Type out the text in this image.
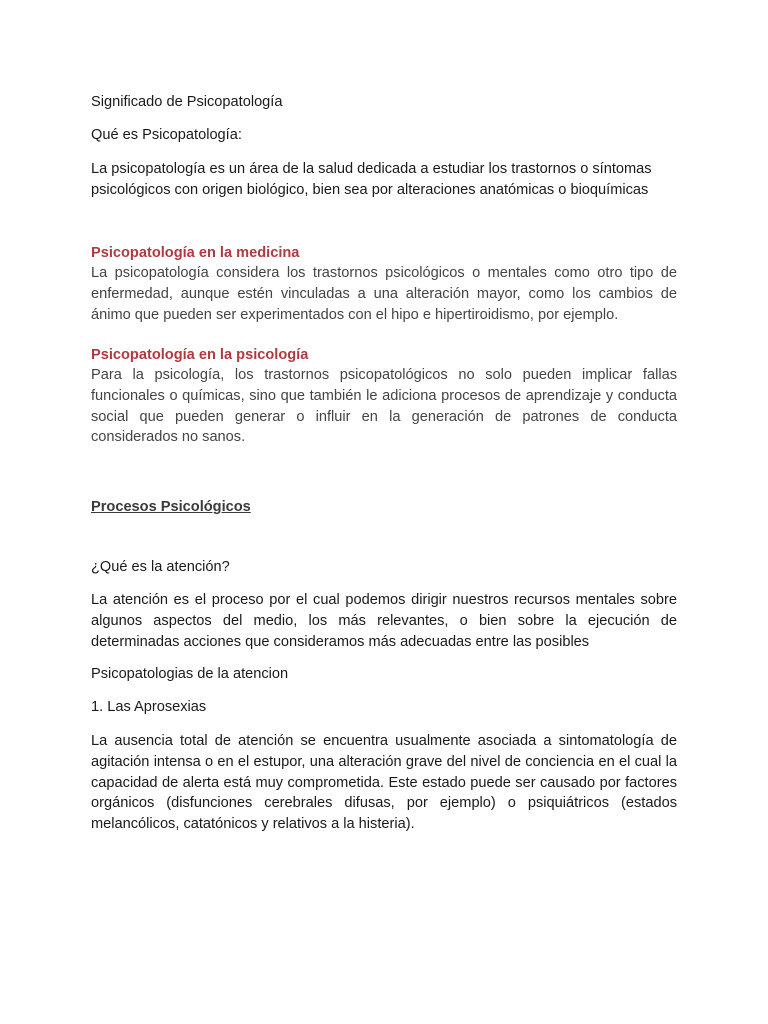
Significado de Psicopatología

Qué es Psicopatología:

La psicopatología es un área de la salud dedicada a estudiar los trastornos o síntomas psicológicos con origen biológico, bien sea por alteraciones anatómicas o bioquímicas

Psicopatología en la medicina

La psicopatología considera los trastornos psicológicos o mentales como otro tipo de enfermedad, aunque estén vinculadas a una alteración mayor, como los cambios de ánimo que pueden ser experimentados con el hipo e hipertiroidismo, por ejemplo.

Psicopatología en la psicología

Para la psicología, los trastornos psicopatológicos no solo pueden implicar fallas funcionales o químicas, sino que también le adiciona procesos de aprendizaje y conducta social que pueden generar o influir en la generación de patrones de conducta considerados no sanos.

Procesos Psicológicos

¿Qué es la atención?

La atención es el proceso por el cual podemos dirigir nuestros recursos mentales sobre algunos aspectos del medio, los más relevantes, o bien sobre la ejecución de determinadas acciones que consideramos más adecuadas entre las posibles

Psicopatologias de la atencion

1. Las Aprosexias

La ausencia total de atención se encuentra usualmente asociada a sintomatología de agitación intensa o en el estupor, una alteración grave del nivel de conciencia en el cual la capacidad de alerta está muy comprometida. Este estado puede ser causado por factores orgánicos (disfunciones cerebrales difusas, por ejemplo) o psiquiátricos (estados melancólicos, catatónicos y relativos a la histeria).
